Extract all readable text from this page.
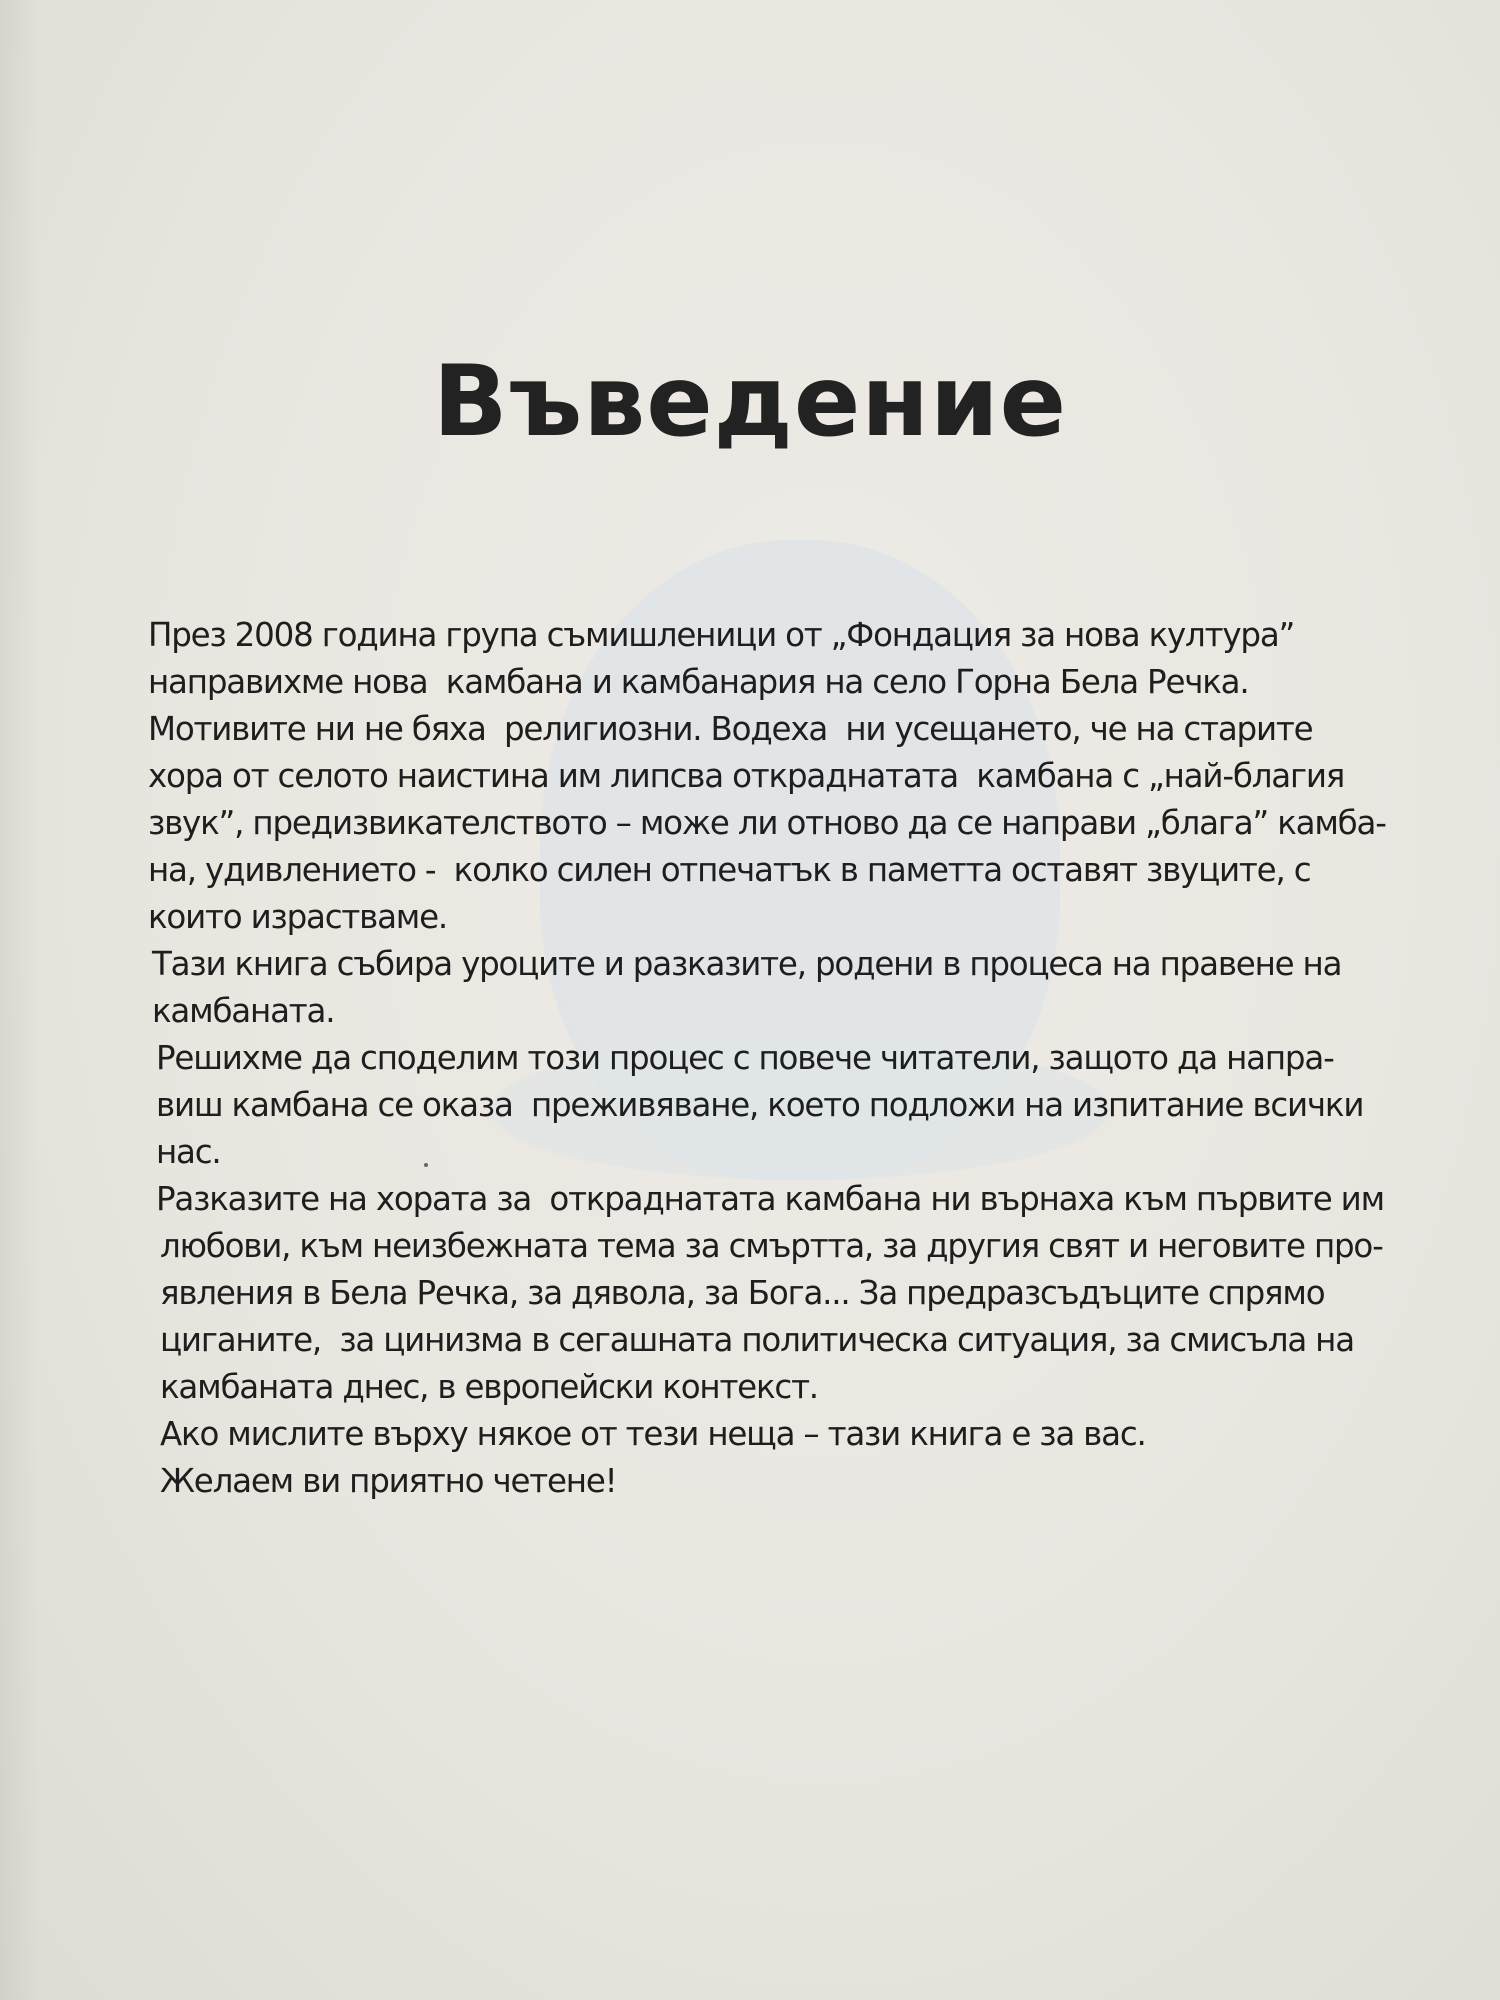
Въведение
През 2008 година група съмишленици от „Фондация за нова култура”
направихме нова  камбана и камбанария на село Горна Бела Речка.
Мотивите ни не бяха  религиозни. Водеха  ни усещането, че на старите
хора от селото наистина им липсва откраднатата  камбана с „най-благия
звук”, предизвикателството – може ли отново да се направи „блага” камба-
на, удивлението -  колко силен отпечатък в паметта оставят звуците, с
които израстваме.
Тази книга събира уроците и разказите, родени в процеса на правене на
камбаната.
Решихме да споделим този процес с повече читатели, защото да напра-
виш камбана се оказа  преживяване, което подложи на изпитание всички
нас.
Разказите на хората за  откраднатата камбана ни върнаха към първите им
любови, към неизбежната тема за смъртта, за другия свят и неговите про-
явления в Бела Речка, за дявола, за Бога... За предразсъдъците спрямо
циганите,  за цинизма в сегашната политическа ситуация, за смисъла на
камбаната днес, в европейски контекст.
Ако мислите върху някое от тези неща – тази книга е за вас.
Желаем ви приятно четене!
